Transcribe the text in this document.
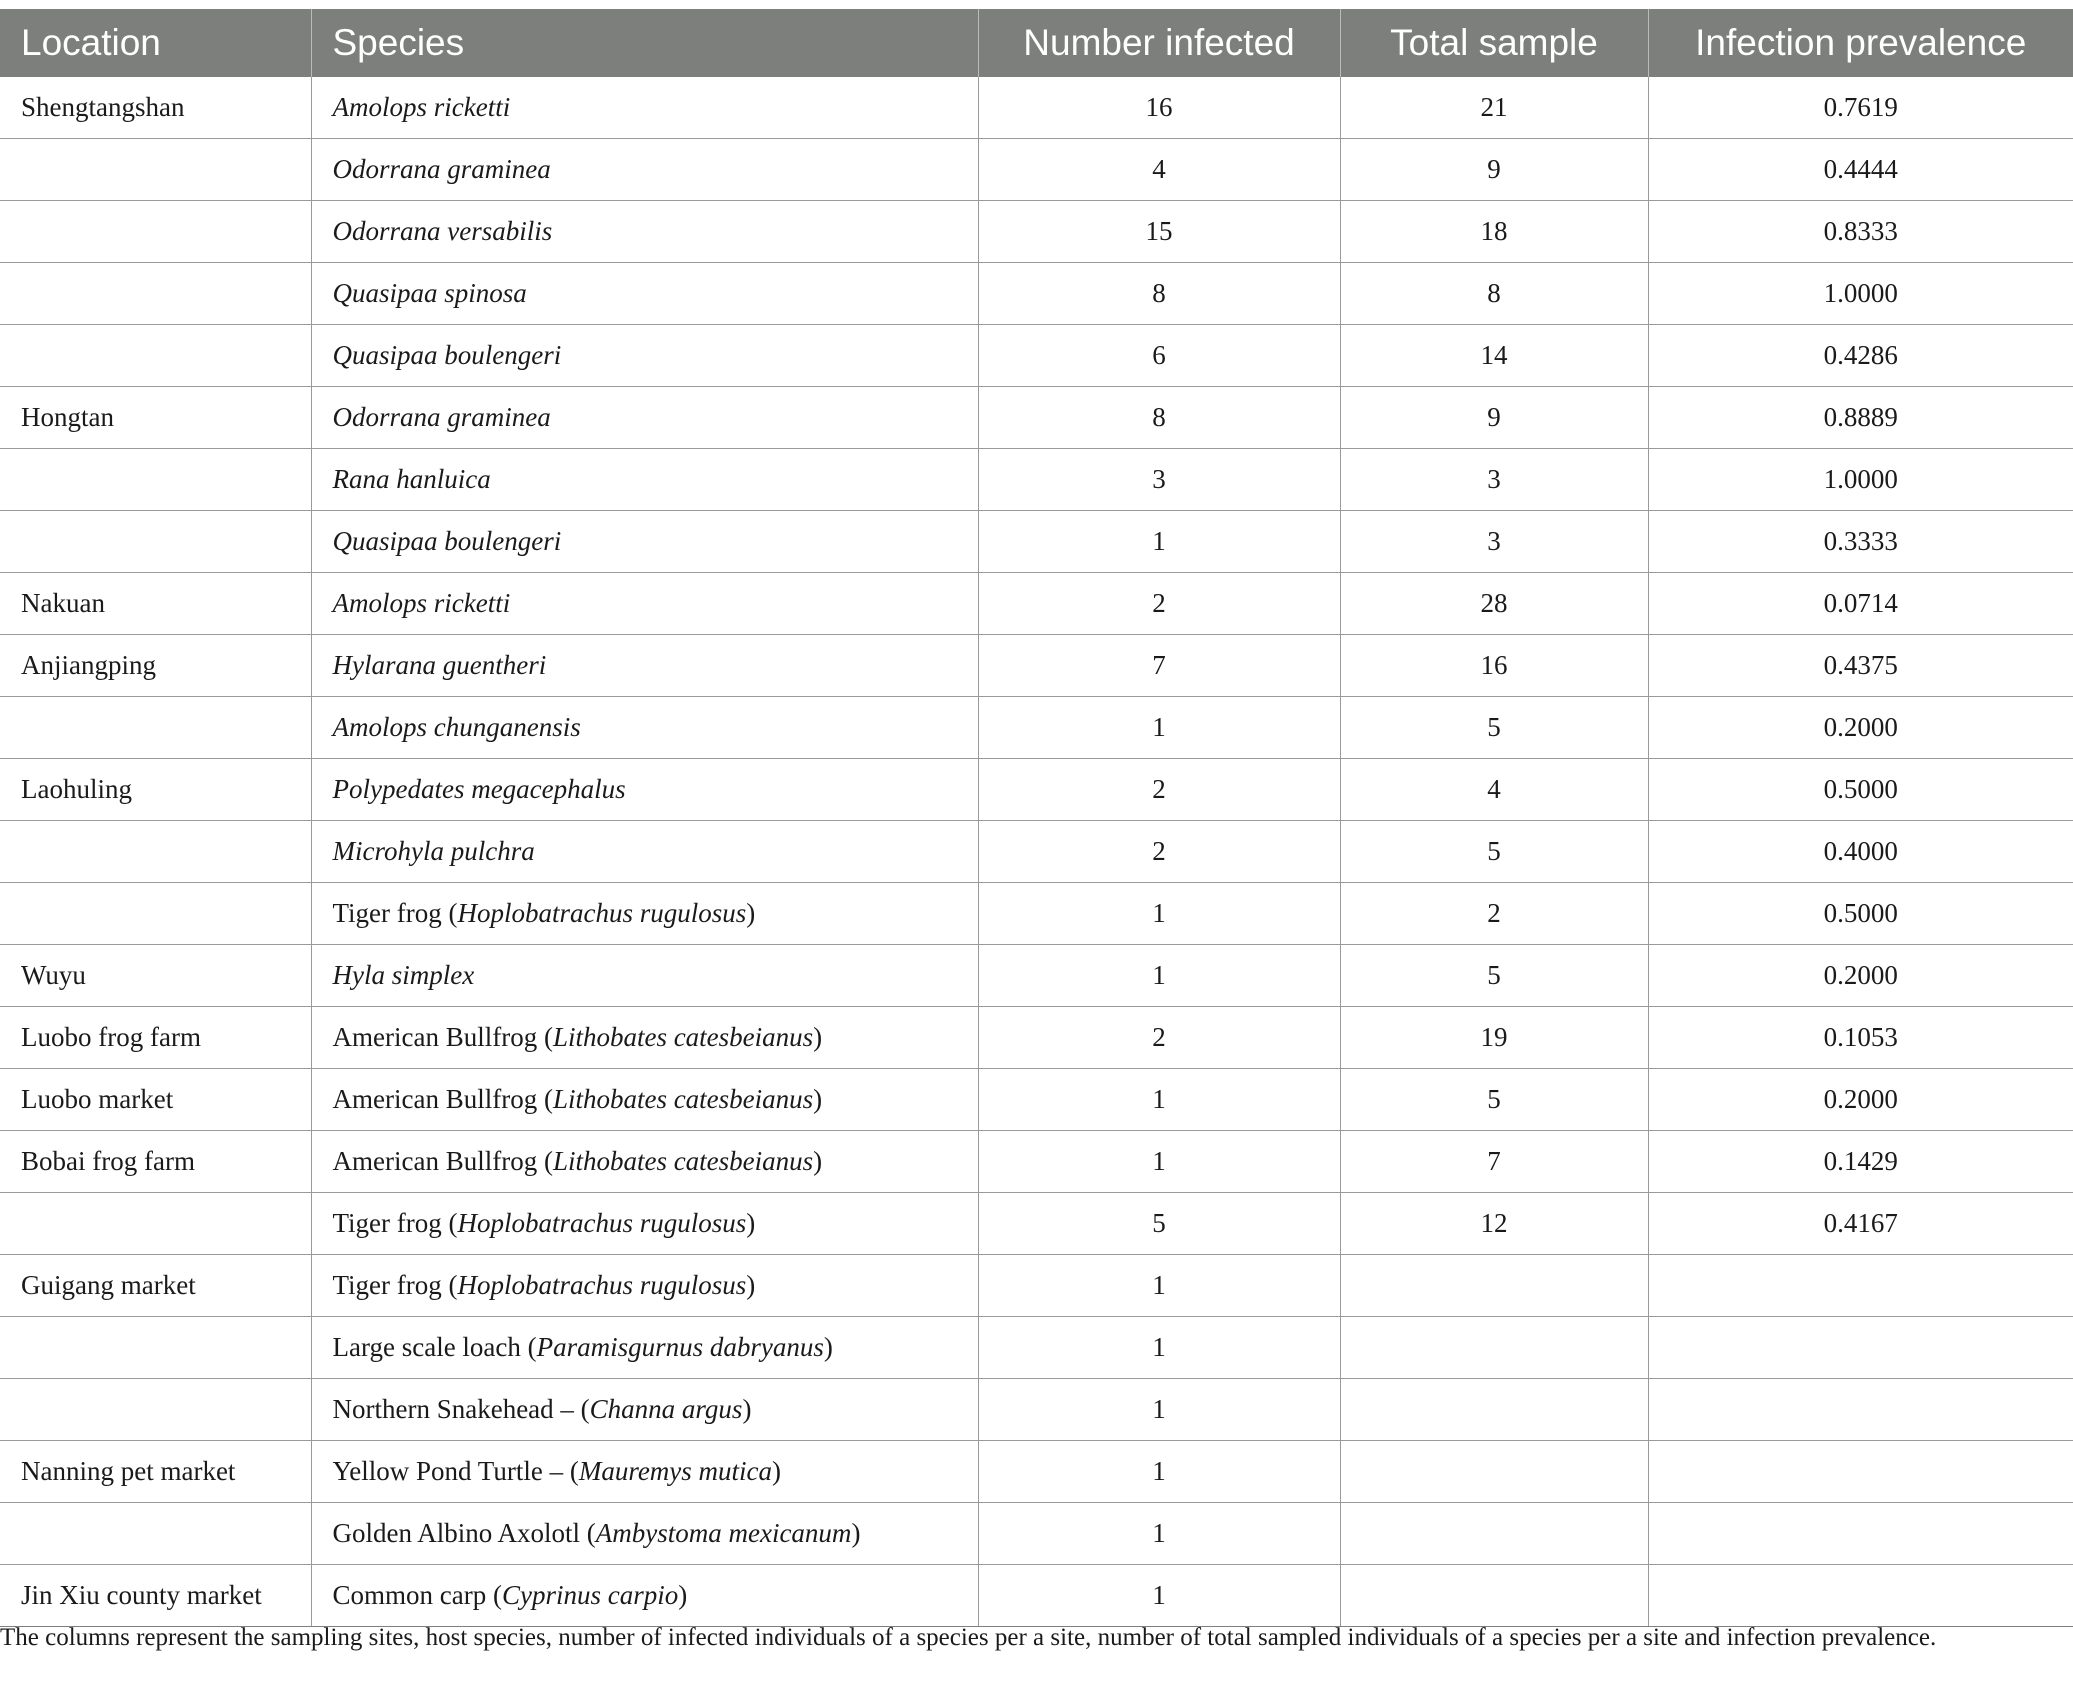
Location	Species	Number infected	Total sample	Infection prevalence
Shengtangshan	Amolops ricketti	16	21	0.7619
	Odorrana graminea	4	9	0.4444
	Odorrana versabilis	15	18	0.8333
	Quasipaa spinosa	8	8	1.0000
	Quasipaa boulengeri	6	14	0.4286
Hongtan	Odorrana graminea	8	9	0.8889
	Rana hanluica	3	3	1.0000
	Quasipaa boulengeri	1	3	0.3333
Nakuan	Amolops ricketti	2	28	0.0714
Anjiangping	Hylarana guentheri	7	16	0.4375
	Amolops chunganensis	1	5	0.2000
Laohuling	Polypedates megacephalus	2	4	0.5000
	Microhyla pulchra	2	5	0.4000
	Tiger frog (Hoplobatrachus rugulosus)	1	2	0.5000
Wuyu	Hyla simplex	1	5	0.2000
Luobo frog farm	American Bullfrog (Lithobates catesbeianus)	2	19	0.1053
Luobo market	American Bullfrog (Lithobates catesbeianus)	1	5	0.2000
Bobai frog farm	American Bullfrog (Lithobates catesbeianus)	1	7	0.1429
	Tiger frog (Hoplobatrachus rugulosus)	5	12	0.4167
Guigang market	Tiger frog (Hoplobatrachus rugulosus)	1		
	Large scale loach (Paramisgurnus dabryanus)	1		
	Northern Snakehead – (Channa argus)	1		
Nanning pet market	Yellow Pond Turtle – (Mauremys mutica)	1		
	Golden Albino Axolotl (Ambystoma mexicanum)	1		
Jin Xiu county market	Common carp (Cyprinus carpio)	1		
The columns represent the sampling sites, host species, number of infected individuals of a species per a site, number of total sampled individuals of a species per a site and infection prevalence.
